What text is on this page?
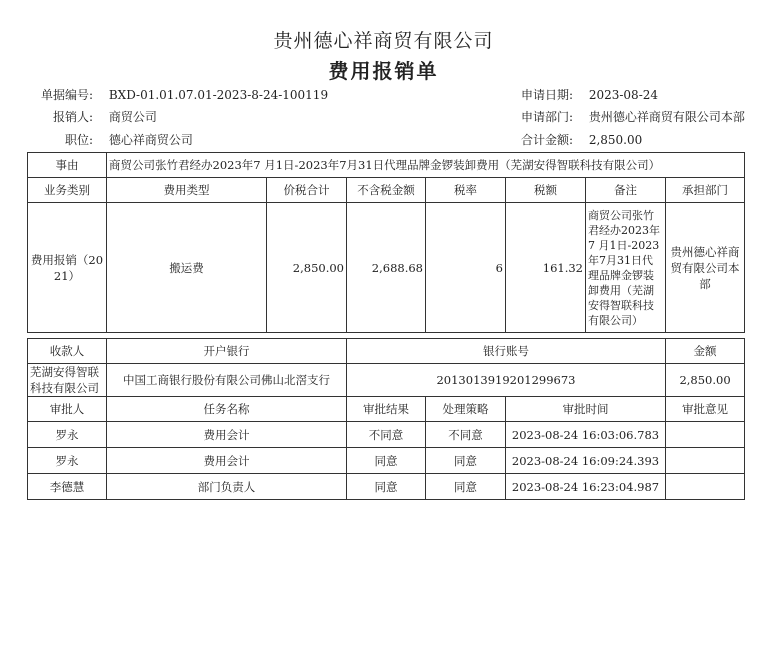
贵州德心祥商贸有限公司
费用报销单
单据编号: BXD-01.01.07.01-2023-8-24-100119	申请日期: 2023-08-24
报销人: 商贸公司	申请部门: 贵州德心祥商贸有限公司本部
职位: 德心祥商贸公司	合计金额: 2,850.00
事由	商贸公司张竹君经办2023年7 月1日-2023年7月31日代理品牌金锣装卸费用（芜湖安得智联科技有限公司）						
业务类别	费用类型	价税合计	不含税金额	税率	税额	备注	承担部门
费用报销（2021）	搬运费	2,850.00	2,688.68	6	161.32	商贸公司张竹君经办2023年7 月1日-2023年7月31日代理品牌金锣装卸费用（芜湖安得智联科技有限公司）	贵州德心祥商贸有限公司本部

收款人	开户银行		银行账号				金额
芜湖安得智联科技有限公司	中国工商银行股份有限公司佛山北滘支行		2013013919201299673				2,850.00
审批人	任务名称		审批结果	处理策略	审批时间		审批意见
罗永	费用会计		不同意	不同意	2023-08-24 16:03:06.783		
罗永	费用会计		同意	同意	2023-08-24 16:09:24.393		
李德慧	部门负责人		同意	同意	2023-08-24 16:23:04.987		
